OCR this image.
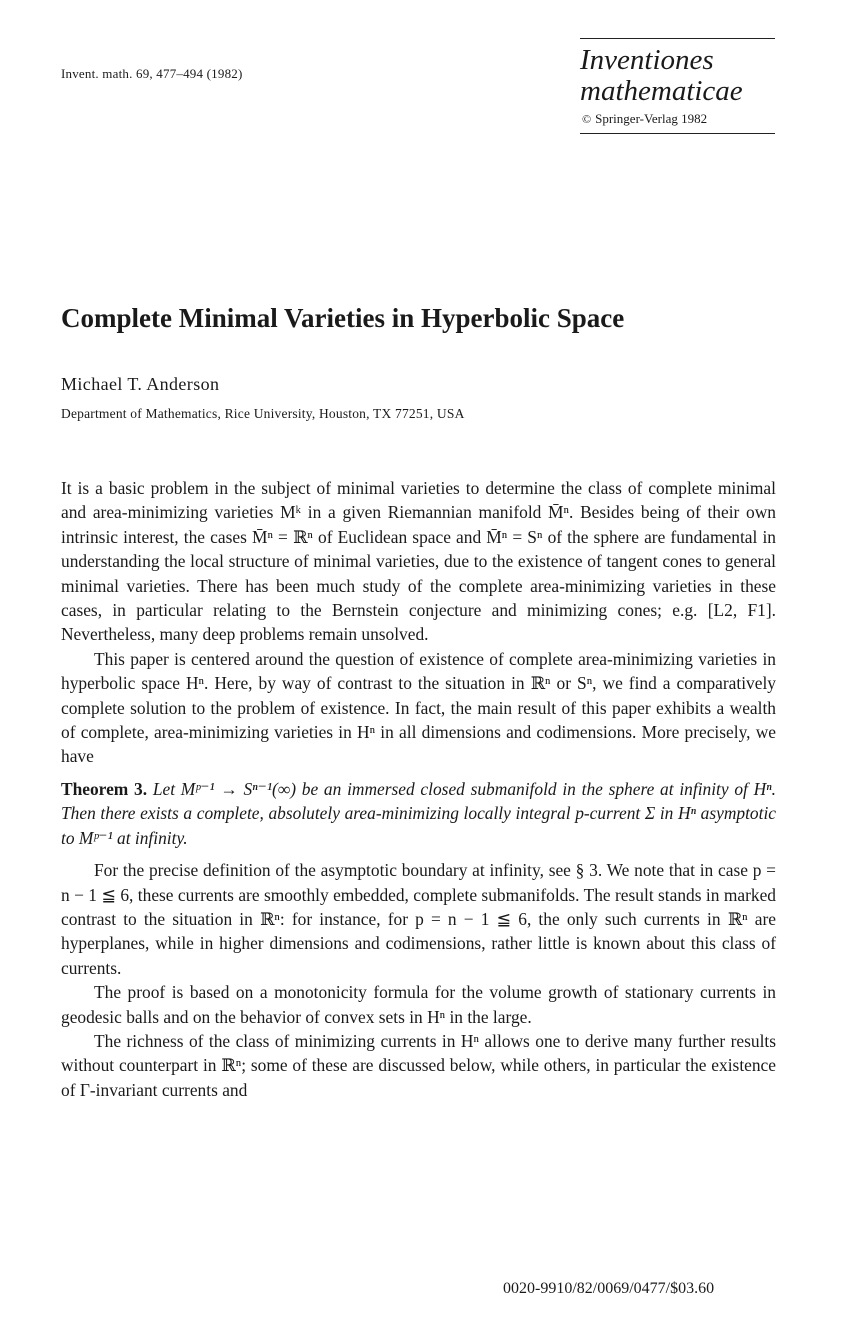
Invent. math. 69, 477–494 (1982)	Inventiones
mathematicae
© Springer-Verlag 1982
Complete Minimal Varieties in Hyperbolic Space
Michael T. Anderson
Department of Mathematics, Rice University, Houston, TX 77251, USA

It is a basic problem in the subject of minimal varieties to determine the class of complete minimal and area-minimizing varieties Mᵏ in a given Riemannian manifold M̄ⁿ. Besides being of their own intrinsic interest, the cases M̄ⁿ = ℝⁿ of Euclidean space and M̄ⁿ = Sⁿ of the sphere are fundamental in understanding the local structure of minimal varieties, due to the existence of tangent cones to general minimal varieties. There has been much study of the complete area-minimizing varieties in these cases, in particular relating to the Bernstein conjecture and minimizing cones; e.g. [L2, F1]. Nevertheless, many deep problems remain unsolved.

This paper is centered around the question of existence of complete area-minimizing varieties in hyperbolic space Hⁿ. Here, by way of contrast to the situation in ℝⁿ or Sⁿ, we find a comparatively complete solution to the problem of existence. In fact, the main result of this paper exhibits a wealth of complete, area-minimizing varieties in Hⁿ in all dimensions and codimensions. More precisely, we have

Theorem 3. Let Mᵖ⁻¹ → Sⁿ⁻¹(∞) be an immersed closed submanifold in the sphere at infinity of Hⁿ. Then there exists a complete, absolutely area-minimizing locally integral p-current Σ in Hⁿ asymptotic to Mᵖ⁻¹ at infinity.

For the precise definition of the asymptotic boundary at infinity, see § 3. We note that in case p = n − 1 ≦ 6, these currents are smoothly embedded, complete submanifolds. The result stands in marked contrast to the situation in ℝⁿ: for instance, for p = n − 1 ≦ 6, the only such currents in ℝⁿ are hyperplanes, while in higher dimensions and codimensions, rather little is known about this class of currents.

The proof is based on a monotonicity formula for the volume growth of stationary currents in geodesic balls and on the behavior of convex sets in Hⁿ in the large.

The richness of the class of minimizing currents in Hⁿ allows one to derive many further results without counterpart in ℝⁿ; some of these are discussed below, while others, in particular the existence of Γ-invariant currents and

0020-9910/82/0069/0477/$03.60
